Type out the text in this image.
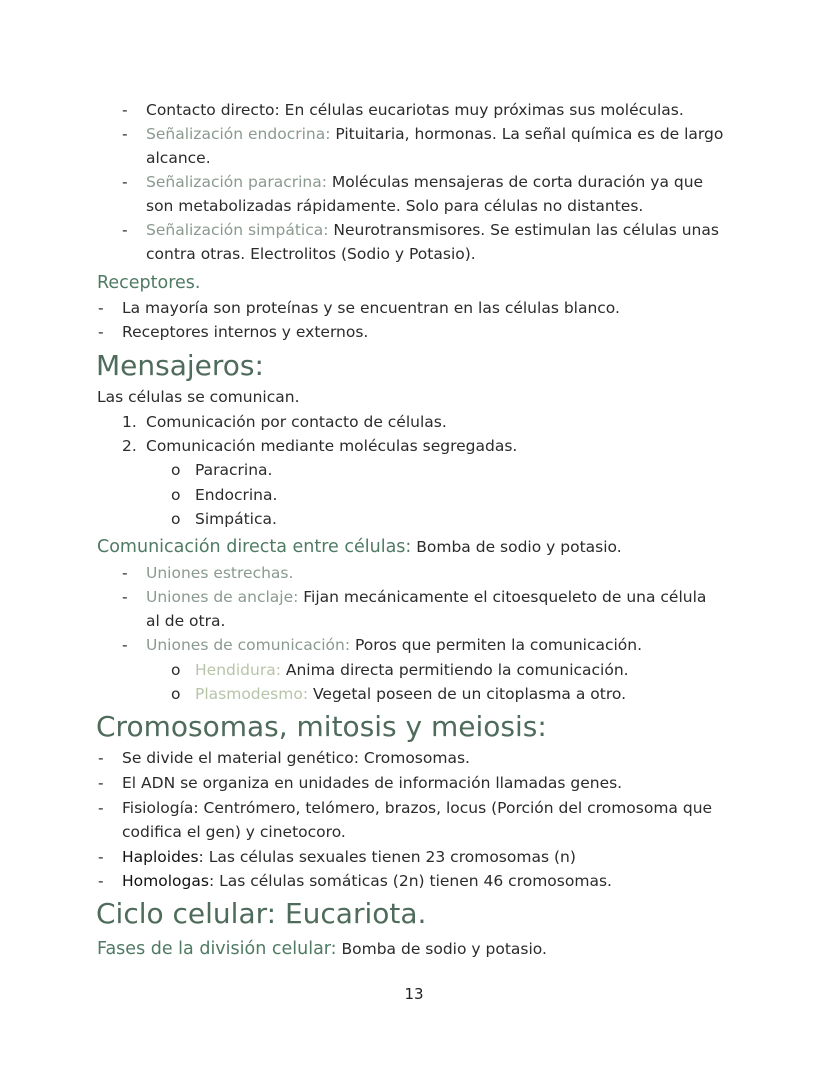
- Contacto directo: En células eucariotas muy próximas sus moléculas.
- Señalización endocrina: Pituitaria, hormonas. La señal química es de largo
alcance.
- Señalización paracrina: Moléculas mensajeras de corta duración ya que
son metabolizadas rápidamente. Solo para células no distantes.
- Señalización simpática: Neurotransmisores. Se estimulan las células unas
contra otras. Electrolitos (Sodio y Potasio).
Receptores.
- La mayoría son proteínas y se encuentran en las células blanco.
- Receptores internos y externos.
Mensajeros:
Las células se comunican.
1. Comunicación por contacto de células.
2. Comunicación mediante moléculas segregadas.
o Paracrina.
o Endocrina.
o Simpática.
Comunicación directa entre células: Bomba de sodio y potasio.
- Uniones estrechas.
- Uniones de anclaje: Fijan mecánicamente el citoesqueleto de una célula
al de otra.
- Uniones de comunicación: Poros que permiten la comunicación.
o Hendidura: Anima directa permitiendo la comunicación.
o Plasmodesmo: Vegetal poseen de un citoplasma a otro.
Cromosomas, mitosis y meiosis:
- Se divide el material genético: Cromosomas.
- El ADN se organiza en unidades de información llamadas genes.
- Fisiología: Centrómero, telómero, brazos, locus (Porción del cromosoma que
codifica el gen) y cinetocoro.
- Haploides: Las células sexuales tienen 23 cromosomas (n)
- Homologas: Las células somáticas (2n) tienen 46 cromosomas.
Ciclo celular: Eucariota.
Fases de la división celular: Bomba de sodio y potasio.
13
